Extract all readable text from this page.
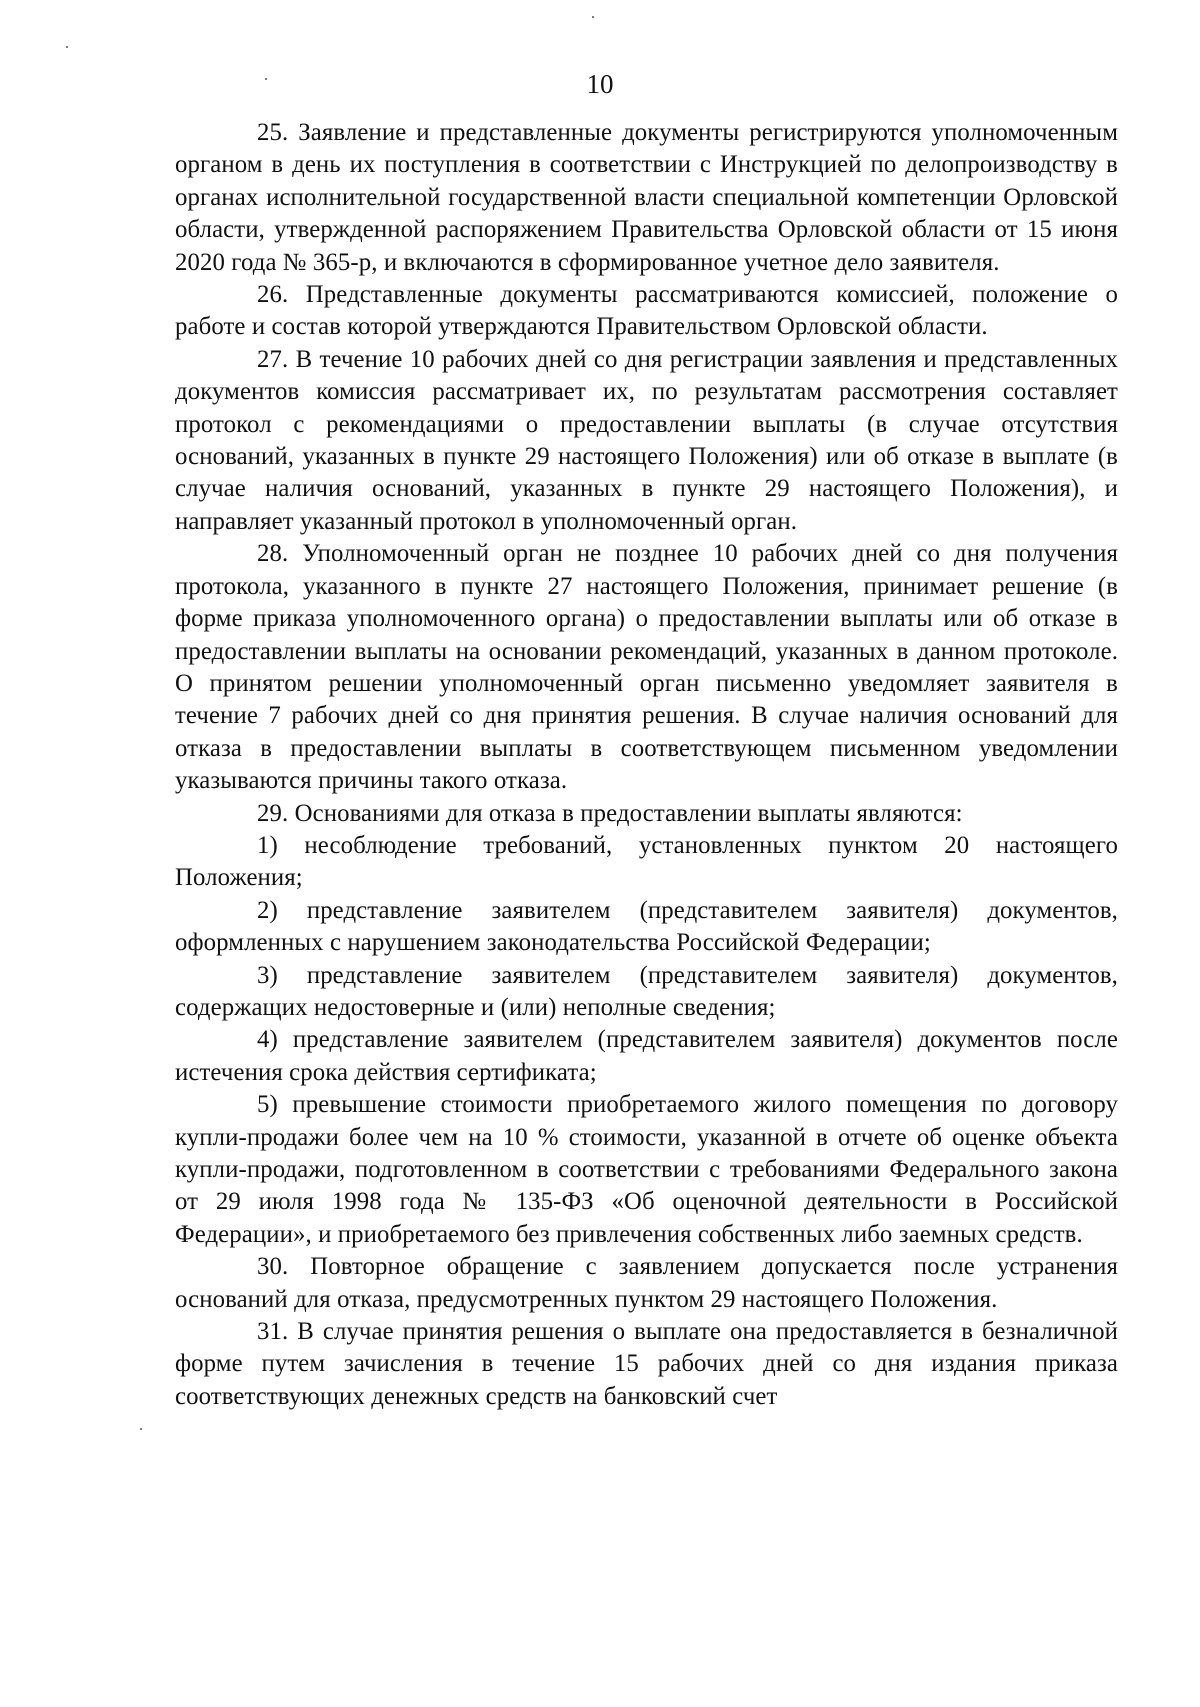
10

25. Заявление и представленные документы регистрируются уполномоченным органом в день их поступления в соответствии с Инструкцией по делопроизводству в органах исполнительной государственной власти специальной компетенции Орловской области, утвержденной распоряжением Правительства Орловской области от 15 июня 2020 года № 365-р, и включаются в сформированное учетное дело заявителя.

26. Представленные документы рассматриваются комиссией, положение о работе и состав которой утверждаются Правительством Орловской области.

27. В течение 10 рабочих дней со дня регистрации заявления и представленных документов комиссия рассматривает их, по результатам рассмотрения составляет протокол с рекомендациями о предоставлении выплаты (в случае отсутствия оснований, указанных в пункте 29 настоящего Положения) или об отказе в выплате (в случае наличия оснований, указанных в пункте 29 настоящего Положения), и направляет указанный протокол в уполномоченный орган.

28. Уполномоченный орган не позднее 10 рабочих дней со дня получения протокола, указанного в пункте 27 настоящего Положения, принимает решение (в форме приказа уполномоченного органа) о предоставлении выплаты или об отказе в предоставлении выплаты на основании рекомендаций, указанных в данном протоколе. О принятом решении уполномоченный орган письменно уведомляет заявителя в течение 7 рабочих дней со дня принятия решения. В случае наличия оснований для отказа в предоставлении выплаты в соответствующем письменном уведомлении указываются причины такого отказа.

29. Основаниями для отказа в предоставлении выплаты являются:

1) несоблюдение требований, установленных пунктом 20 настоящего Положения;

2) представление заявителем (представителем заявителя) документов, оформленных с нарушением законодательства Российской Федерации;

3) представление заявителем (представителем заявителя) документов, содержащих недостоверные и (или) неполные сведения;

4) представление заявителем (представителем заявителя) документов после истечения срока действия сертификата;

5) превышение стоимости приобретаемого жилого помещения по договору купли-продажи более чем на 10 % стоимости, указанной в отчете об оценке объекта купли-продажи, подготовленном в соответствии с требованиями Федерального закона от 29 июля 1998 года № 135-ФЗ «Об оценочной деятельности в Российской Федерации», и приобретаемого без привлечения собственных либо заемных средств.

30. Повторное обращение с заявлением допускается после устранения оснований для отказа, предусмотренных пунктом 29 настоящего Положения.

31. В случае принятия решения о выплате она предоставляется в безналичной форме путем зачисления в течение 15 рабочих дней со дня издания приказа соответствующих денежных средств на банковский счет
